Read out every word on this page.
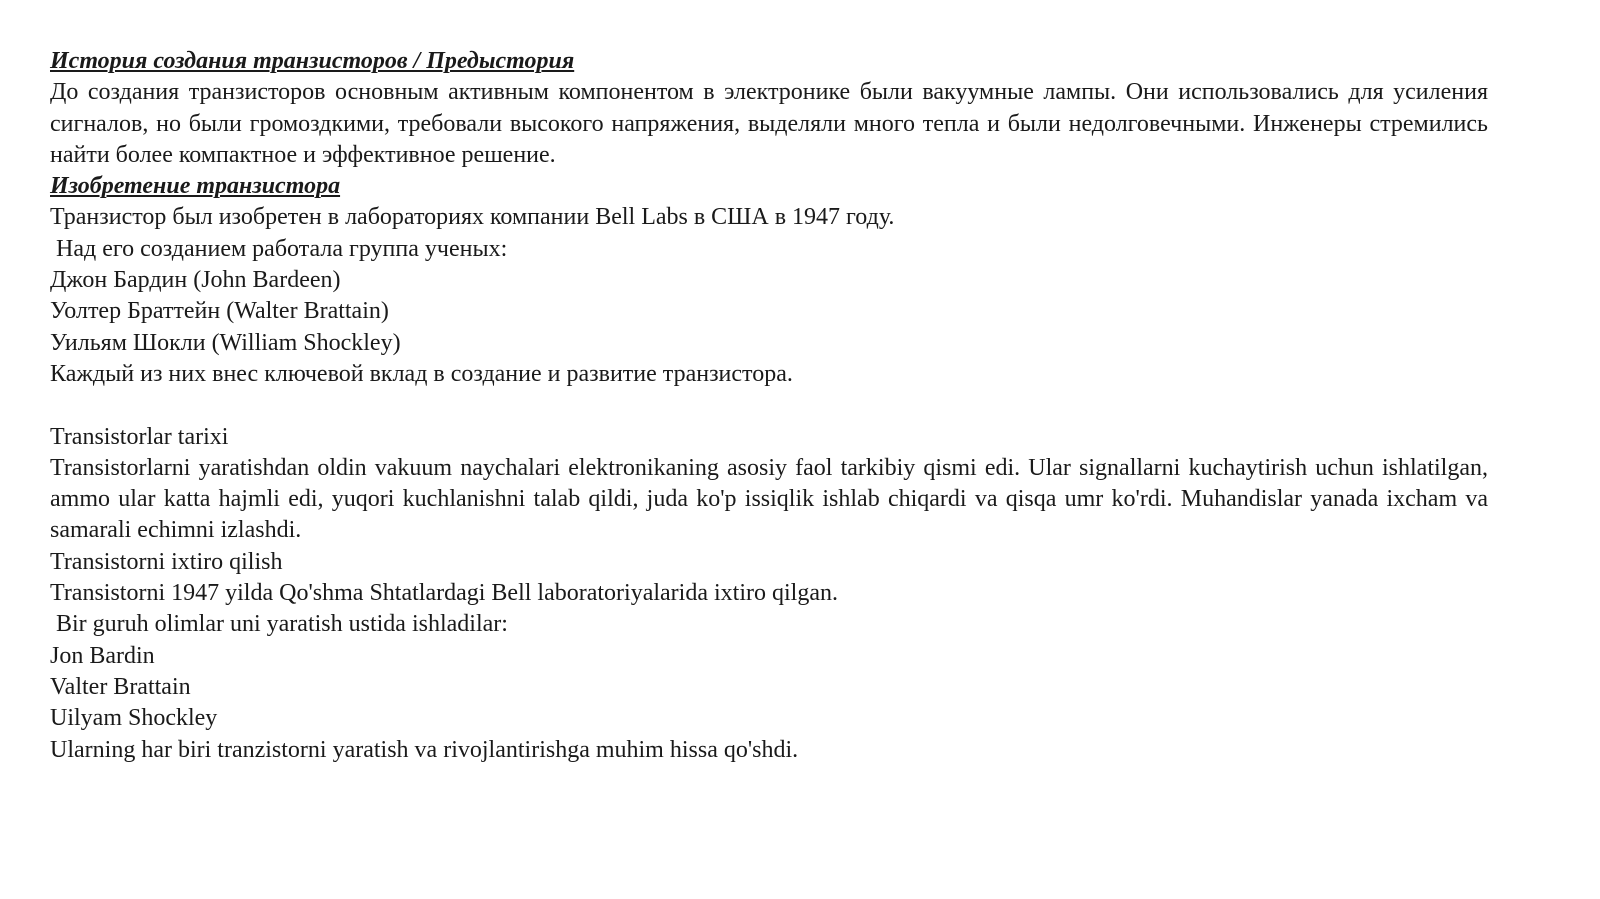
История создания транзисторов / Предыстория
До создания транзисторов основным активным компонентом в электронике были вакуумные лампы. Они использовались для усиления сигналов, но были громоздкими, требовали высокого напряжения, выделяли много тепла и были недолговечными. Инженеры стремились найти более компактное и эффективное решение.
Изобретение транзистора
Транзистор был изобретен в лабораториях компании Bell Labs в США в 1947 году.
Над его созданием работала группа ученых:
Джон Бардин (John Bardeen)
Уолтер Браттейн (Walter Brattain)
Уильям Шокли (William Shockley)
Каждый из них внес ключевой вклад в создание и развитие транзистора.
Transistorlar tarixi
Transistorlarni yaratishdan oldin vakuum naychalari elektronikaning asosiy faol tarkibiy qismi edi. Ular signallarni kuchaytirish uchun ishlatilgan, ammo ular katta hajmli edi, yuqori kuchlanishni talab qildi, juda ko'p issiqlik ishlab chiqardi va qisqa umr ko'rdi. Muhandislar yanada ixcham va samarali echimni izlashdi.
Transistorni ixtiro qilish
Transistorni 1947 yilda Qo'shma Shtatlardagi Bell laboratoriyalarida ixtiro qilgan.
Bir guruh olimlar uni yaratish ustida ishladilar:
Jon Bardin
Valter Brattain
Uilyam Shockley
Ularning har biri tranzistorni yaratish va rivojlantirishga muhim hissa qo'shdi.
